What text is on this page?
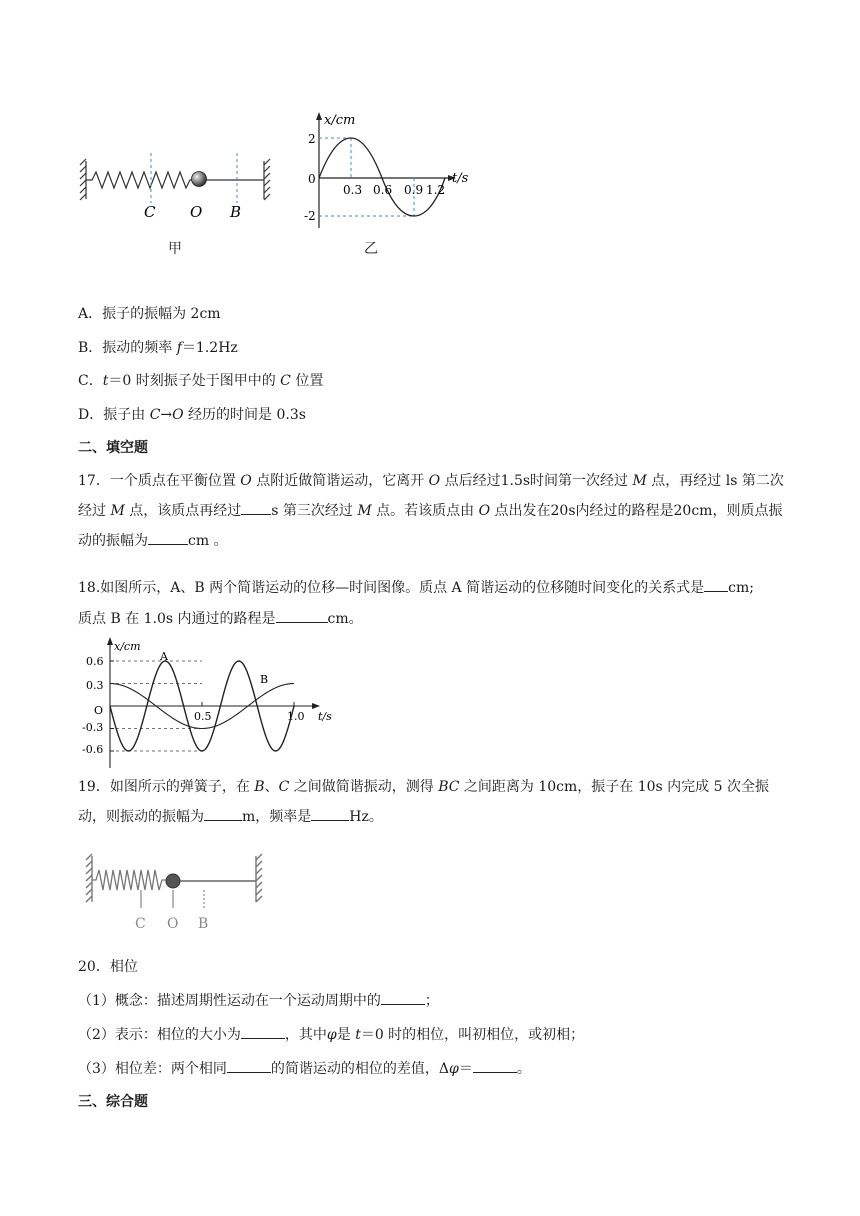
C O B
甲
x/cm
t/s
0
2
-2
0.3 0.6 0.9 1.2
乙
A．振子的振幅为 2cm
B．振动的频率 f＝1.2Hz
C．t＝0 时刻振子处于图甲中的 C 位置
D．振子由 C→O 经历的时间是 0.3s
二、填空题
17．一个质点在平衡位置 O 点附近做简谐运动，它离开 O 点后经过1.5s时间第一次经过 M 点，再经过 ls 第二次经过 M 点，该质点再经过 s 第三次经过 M 点。若该质点由 O 点出发在20s内经过的路程是20cm，则质点振动的振幅为	cm 。
18.如图所示，A、B 两个简谐运动的位移—时间图像。质点 A 简谐运动的位移随时间变化的关系式是 cm;
质点 B 在 1.0s 内通过的路程是	cm。
x/cm
t/s
0.6
0.3
O
-0.3
-0.6
0.5	1.0
A
B
19．如图所示的弹簧子，在 B、C 之间做简谐振动，测得 BC 之间距离为 10cm，振子在 10s 内完成 5 次全振动，则振动的振幅为	m，频率是	Hz。
C O B
20．相位
（1）概念：描述周期性运动在一个运动周期中的	；
（2）表示：相位的大小为	，其中φ是 t＝0 时的相位，叫初相位，或初相；
（3）相位差：两个相同	的简谐运动的相位的差值，Δφ＝	。
三、综合题
